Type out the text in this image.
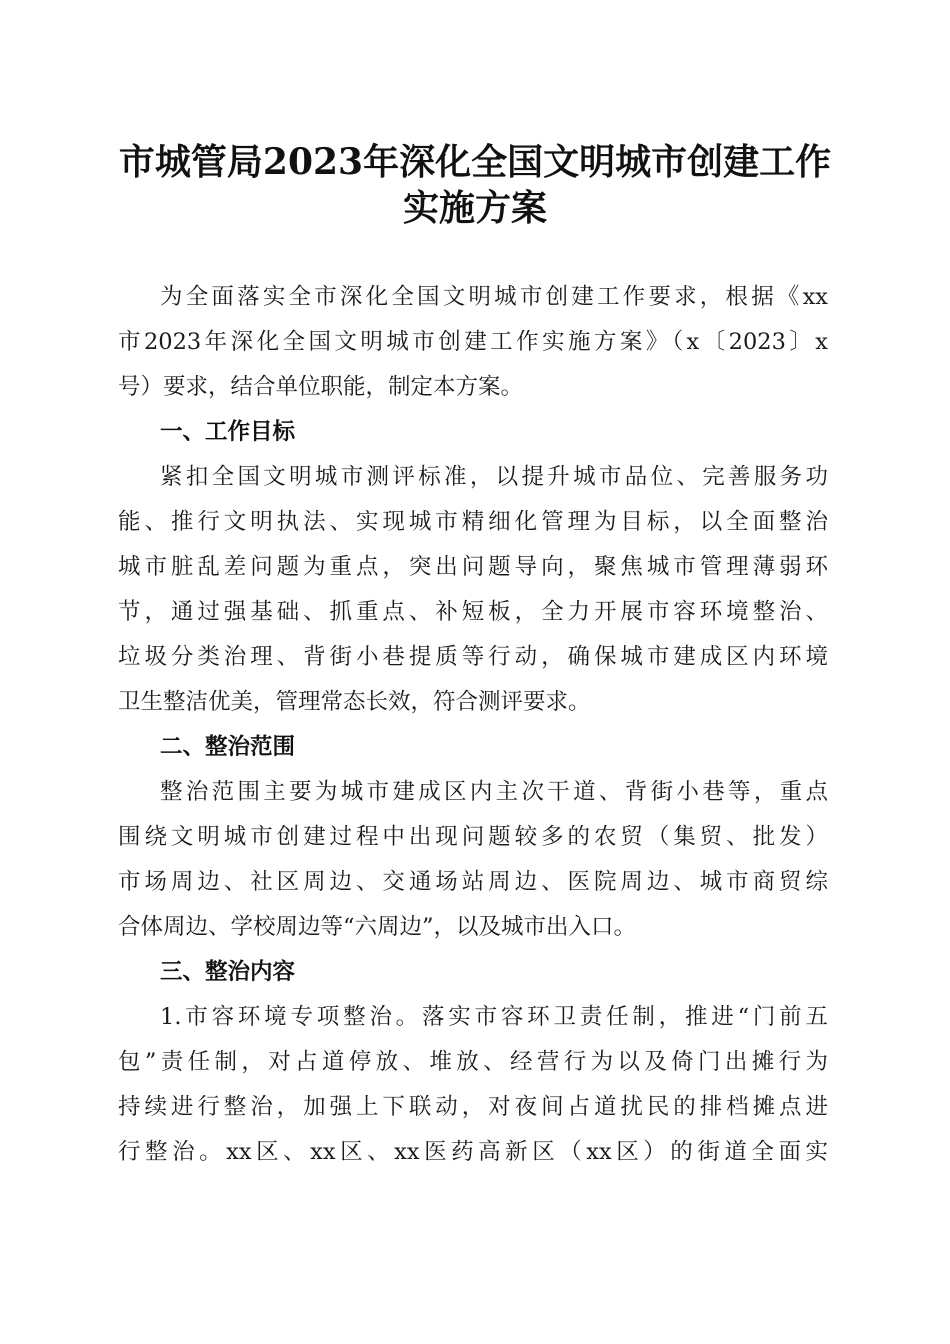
市城管局2023年深化全国文明城市创建工作
实施方案
为全面落实全市深化全国文明城市创建工作要求，根据《xx
市2023年深化全国文明城市创建工作实施方案》（x〔2023〕x
号）要求，结合单位职能，制定本方案。
一、工作目标
紧扣全国文明城市测评标准，以提升城市品位、完善服务功
能、推行文明执法、实现城市精细化管理为目标，以全面整治
城市脏乱差问题为重点，突出问题导向，聚焦城市管理薄弱环
节，通过强基础、抓重点、补短板，全力开展市容环境整治、
垃圾分类治理、背街小巷提质等行动，确保城市建成区内环境
卫生整洁优美，管理常态长效，符合测评要求。
二、整治范围
整治范围主要为城市建成区内主次干道、背街小巷等，重点
围绕文明城市创建过程中出现问题较多的农贸（集贸、批发）
市场周边、社区周边、交通场站周边、医院周边、城市商贸综
合体周边、学校周边等“六周边”，以及城市出入口。
三、整治内容
1.市容环境专项整治。落实市容环卫责任制，推进“门前五
包”责任制，对占道停放、堆放、经营行为以及倚门出摊行为
持续进行整治，加强上下联动，对夜间占道扰民的排档摊点进
行整治。xx区、xx区、xx医药高新区（xx区）的街道全面实
